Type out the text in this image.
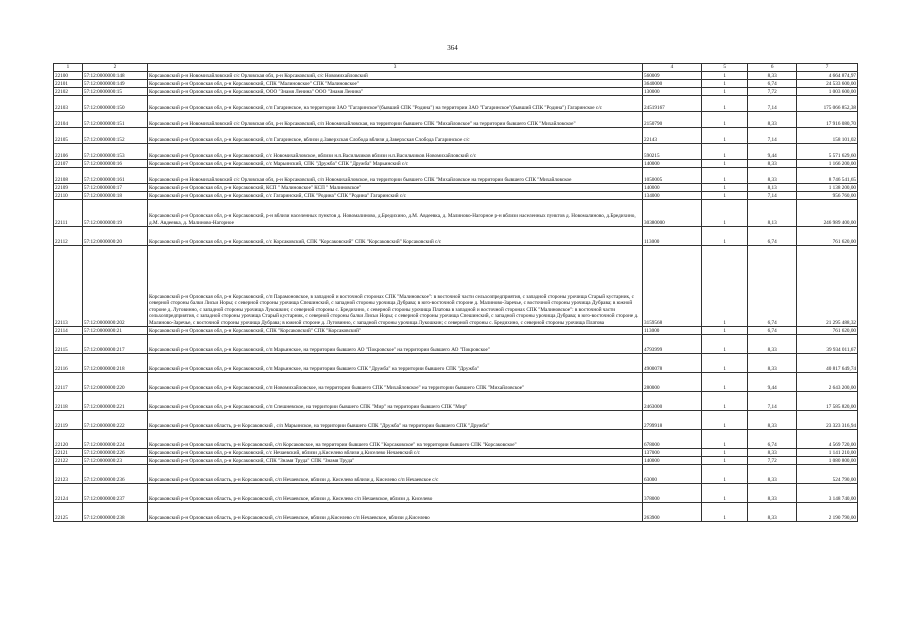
364
1	2	3	4	5	6	7
22100	57:12:0000000:148	Корсаковский р-н Новомихайловский с/с Орловская обл, р-н Корсаковский, с/с Новомихайловский	560009	1	8,33	4 664 874,97
22101	57:12:0000000:149	Корсаковский р-н Орловская обл, р-н Корсаковский, СПК "Малиновское" СПК "Малиновское"	3640000	1	6,74	24 533 600,00
22102	57:12:0000000:15	Корсаковский р-н Орловская обл, р-н Корсаковский, ООО "Знамя Ленина" ООО "Знамя Ленина"	130000	1	7,72	1 003 600,00
22103	57:12:0000000:150	Корсаковский р-н Орловская обл, р-н Корсаковский, с/п Гагаринское, на территории ЗАО "Гагаринское"(бывший СПК "Родина") на территории ЗАО "Гагаринское"(бывший СПК "Родина") Гагаринское с/с	24519167	1	7,14	175 066 852,38
22104	57:12:0000000:151	Корсаковский р-н Новомихайловский с/с Орловская обл, р-н Корсаковский, с/п Новомихайловская, на территории бывшего СПК "Михайловское" на территории бывшего СПК "Михайловское"	2150790	1	8,33	17 916 080,70
22105	57:12:0000000:152	Корсаковский р-н Орловская обл, р-н Корсаковский, с/п Гагаринское, вблизи д.Заверхская Слобода вблизи д.Заверхская Слобода Гагаринское с/с	22143	1	7,14	158 101,02
22106	57:12:0000000:153	Корсаковский р-н Орловская обл, р-н Корсаковский, с/с Новомихайловское, вблизи н.п.Васильчиков вблизи н.п.Васильчиков Новомихайловский с/с	590215	1	9,44	5 571 629,60
22107	57:12:0000000:16	Корсаковский р-н Орловская обл, р-н Корсаковский, с/с Марьинский, СПК "Дружба" СПК "Дружба" Марьинский с/с	140000	1	8,33	1 166 200,00
22108	57:12:0000000:161	Корсаковский р-н Новомихайловский с/с Орловская обл, р-н Корсаковский, с/п Новомихайловское, на территории бывшего СПК "Михайловское на территории бывшего СПК "Михайловское	1050005	1	8,33	8 746 541,65
22109	57:12:0000000:17	Корсаковский р-н Орловская обл, р-н Корсаковский, КСП " Малиновское" КСП " Малиновское"	140000	1	8,13	1 138 200,00
22110	57:12:0000000:18	Корсаковский р-н Орловская обл, р-н Корсаковский, с/с Гагаринский, СПК "Родина" СПК "Родина" Гагаринский с/с	134000	1	7,14	956 760,00
22111	57:12:0000000:19	Корсаковский р-н Орловская обл, р-н Корсаковский, р-н вблизи населенных пунктов д. Новомалиново, д.Бредихино, д.М. Авдеевка, д. Малиново-Нагорное р-н вблизи населенных пунктов д. Новомалиново, д.Бредихино, д.М. Авдеевка, д. Малиново-Нагорное	30380000	1	8,13	246 989 400,00
22112	57:12:0000000:20	Корсаковский р-н Орловская обл, р-н Корсаковский, с/с Корсаковский, СПК "Корсаковский" СПК "Корсаковский" Корсаковский с/с	113000	1	6,74	761 620,00
22113	57:12:0000000:202	Корсаковский р-н Орловская обл, р-н Корсаковский, с/п Парамоновское, в западной и восточной сторонах СПК "Малиновское": в восточной части сельхозпредприятия, с западной стороны урочища Старый кустарник, с северной стороны балки Лисьи Норы; с северной стороны урочища Спешинский, с западной стороны урочища Дубрава; в юго-восточной стороне д. Малиново-Заречье, с восточной стороны урочища Дубрава; в южной стороне д. Луговинно, с западной стороны урочища Лукошкин; с северной стороны с. Бредихино, с северной стороны урочища Платова в западной и восточной сторонах СПК "Малиновское": в восточной части сельхозпредприятия, с западной стороны урочища Старый кустарник, с северной стороны балки Лисьи Норы; с северной стороны урочища Спешинский, с западной стороны урочища Дубрава; в юго-восточной стороне д. Малиново-Заречье, с восточной стороны урочища Дубрава; в южной стороне д. Луговинно, с западной стороны урочища Лукошкин; с северной стороны с. Бредихино, с северной стороны урочища Платова	3159568	1	6,74	21 295 488,32
22114	57:12:0000000:21	Корсаковский р-н Орловская обл, р-н Корсаковский, СПК "Корсаковский" СПК "Корсаковский"	113000	1	6,74	761 620,00
22115	57:12:0000000:217	Корсаковский р-н Орловская обл, р-н Корсаковский, с/п Марьинское, на территории бывшего АО "Покровское" на территории бывшего АО "Покровское"	4793999	1	8,33	39 934 011,67
22116	57:12:0000000:218	Корсаковский р-н Орловская обл, р-н Корсаковский, с/п Марьинское, на территории бывшего СПК "Дружба" на территории бывшего СПК "Дружба"	4900078	1	8,33	40 817 649,74
22117	57:12:0000000:220	Корсаковский р-н Орловская обл, р-н Корсаковский, с/п Новомихайловское, на территории бывшего СПК "Михайловское" на территории бывшего СПК "Михайловское"	280000	1	9,44	2 643 200,00
22118	57:12:0000000:221	Корсаковский р-н Орловская обл, р-н Корсаковский, с/п Спешневское, на территории бывшего СПК "Мир" на территории бывшего СПК "Мир"	2463000	1	7,14	17 585 820,00
22119	57:12:0000000:222	Корсаковский р-н Орловская область, р-н Корсаковский , с/п Марьинское, на территории бывшего СПК "Дружба" на территории бывшего СПК "Дружба"	2799918	1	8,33	23 323 316,94
22120	57:12:0000000:224	Корсаковский р-н Орловская область, р-н Корсаковский, с/п Корсаковское, на территории бывшего СПК "Корсаковское" на территории бывшего СПК "Корсаковское"	678000	1	6,74	4 569 720,00
22121	57:12:0000000:226	Корсаковский р-н Орловская обл, р-н Корсаковский, с/с Нечаевский, вблизи д.Киселево вблизи д.Киселево Нечаевский с/с	137000	1	8,33	1 141 210,00
22122	57:12:0000000:23	Корсаковский р-н Орловская обл, р-н Корсаковский, СПК "Знамя Труда" СПК "Знамя Труда"	140000	1	7,72	1 080 800,00
22123	57:12:0000000:236	Корсаковский р-н Орловская область, р-н Корсаковский, с/п Нечаевское, вблизи д. Киселево вблизи д. Киселево с/п Нечаевское с/с	63000	1	8,33	524 790,00
22124	57:12:0000000:237	Корсаковский р-н Орловская область, р-н Корсаковский, с/п Нечаевское, вблизи д. Киселево с/п Нечаевское, вблизи д. Киселево	378000	1	8,33	3 148 740,00
22125	57:12:0000000:238	Корсаковский р-н Орловская область, р-н Корсаковский, с/п Нечаевское, вблизи д.Киселево с/п Нечаевское, вблизи д.Киселево	263900	1	8,33	2 190 790,00
